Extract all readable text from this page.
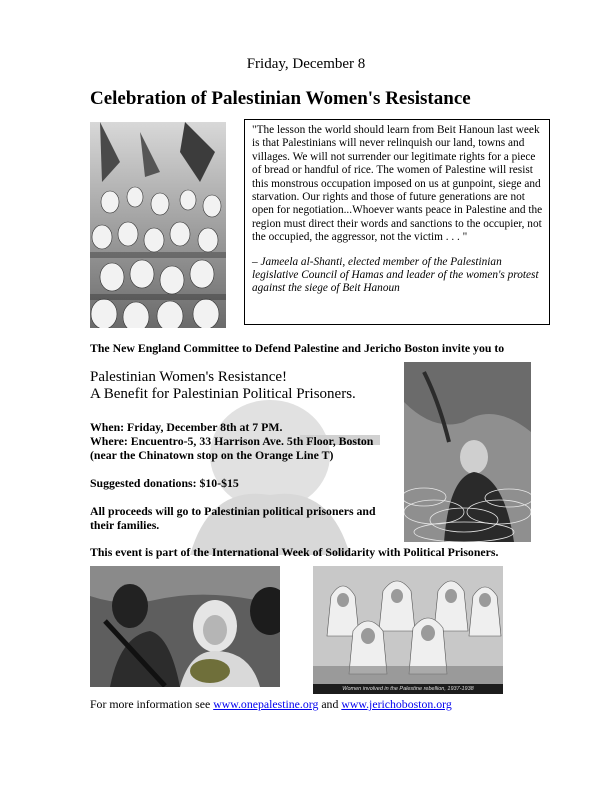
Friday, December 8
Celebration of Palestinian Women's Resistance

"The lesson the world should learn from Beit Hanoun last week is that Palestinians will never relinquish our land, towns and villages. We will not surrender our legitimate rights for a piece of bread or handful of rice. The women of Palestine will resist this monstrous occupation imposed on us at gunpoint, siege and starvation. Our rights and those of future generations are not open for negotiation...Whoever wants peace in Palestine and the region must direct their words and sanctions to the occupier, not the occupied, the aggressor, not the victim . . . "

– Jameela al-Shanti, elected member of the Palestinian legislative Council of Hamas and leader of the women's protest against the siege of Beit Hanoun

The New England Committee to Defend Palestine and Jericho Boston invite you to
Palestinian Women's Resistance!
A Benefit for Palestinian Political Prisoners.

When: Friday, December 8th at 7 PM.
Where: Encuentro-5, 33 Harrison Ave. 5th Floor, Boston
(near the Chinatown stop on the Orange Line T)

Suggested donations: $10-$15

All proceeds will go to Palestinian political prisoners and
their families.

This event is part of the International Week of Solidarity with Political Prisoners.
Women involved in the Palestine rebellion, 1937-1938
For more information see www.onepalestine.org and www.jerichoboston.org
